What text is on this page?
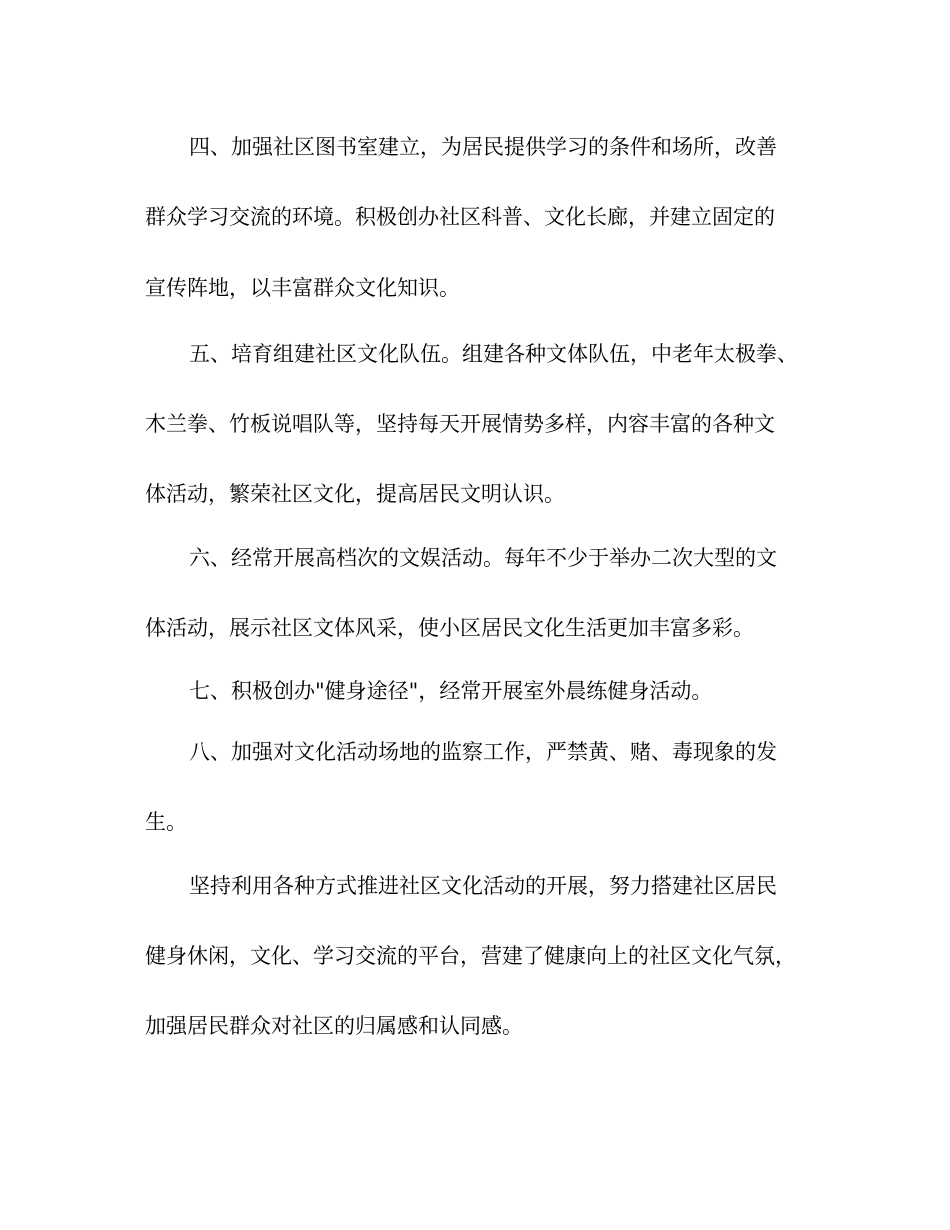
四、加强社区图书室建立，为居民提供学习的条件和场所，改善
群众学习交流的环境。积极创办社区科普、文化长廊，并建立固定的
宣传阵地，以丰富群众文化知识。
五、培育组建社区文化队伍。组建各种文体队伍，中老年太极拳、
木兰拳、竹板说唱队等，坚持每天开展情势多样，内容丰富的各种文
体活动，繁荣社区文化，提高居民文明认识。
六、经常开展高档次的文娱活动。每年不少于举办二次大型的文
体活动，展示社区文体风采，使小区居民文化生活更加丰富多彩。
七、积极创办"健身途径"，经常开展室外晨练健身活动。
八、加强对文化活动场地的监察工作，严禁黄、赌、毒现象的发
生。
坚持利用各种方式推进社区文化活动的开展，努力搭建社区居民
健身休闲，文化、学习交流的平台，营建了健康向上的社区文化气氛，
加强居民群众对社区的归属感和认同感。
